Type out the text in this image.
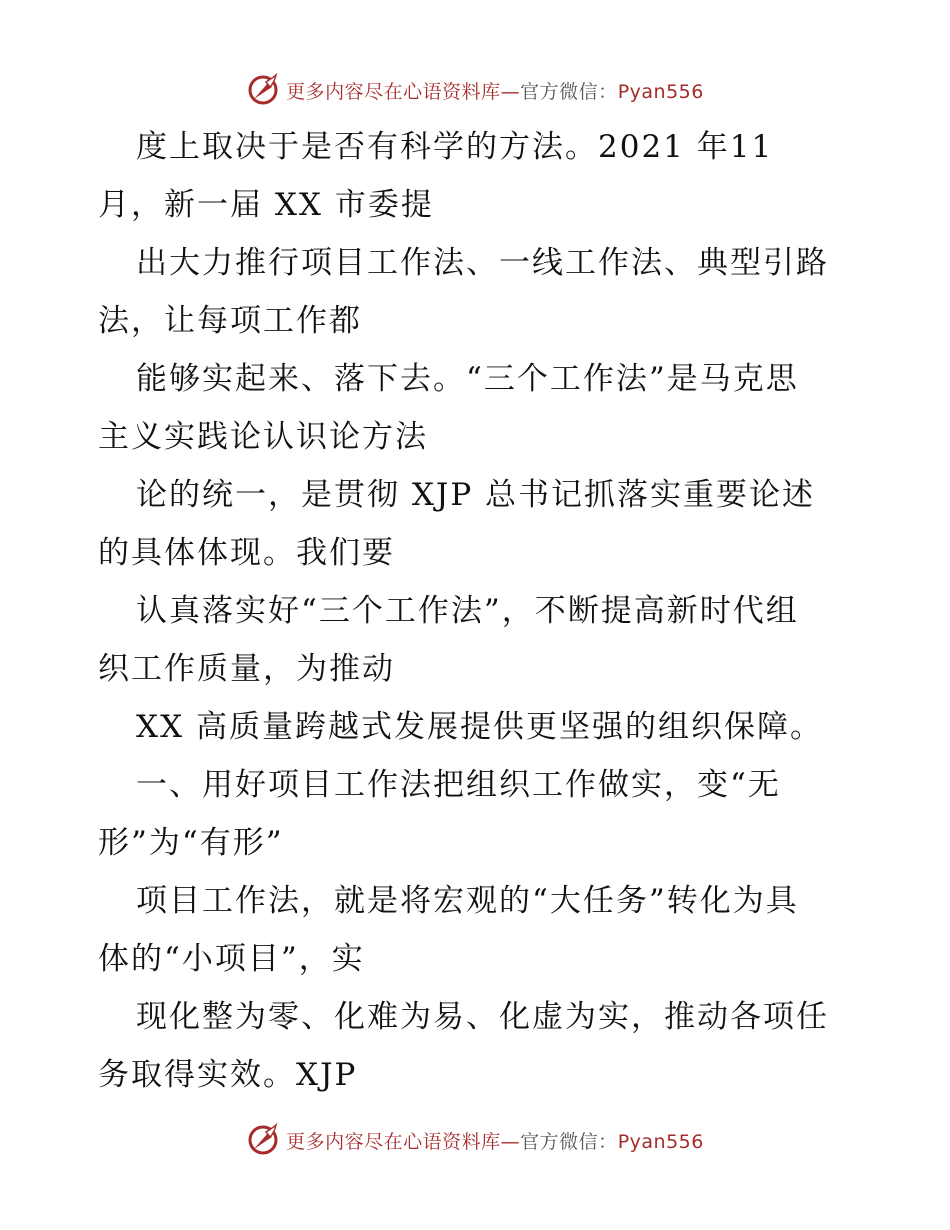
更多内容尽在心语资料库—官方微信：Pyan556

度上取决于是否有科学的方法。2021 年11

月，新一届 XX 市委提

出大力推行项目工作法、一线工作法、典型引路

法，让每项工作都

能够实起来、落下去。“三个工作法”是马克思

主义实践论认识论方法

论的统一，是贯彻 XJP 总书记抓落实重要论述

的具体体现。我们要

认真落实好“三个工作法”，不断提高新时代组

织工作质量，为推动

XX 高质量跨越式发展提供更坚强的组织保障。

一、用好项目工作法把组织工作做实，变“无

形”为“有形”

项目工作法，就是将宏观的“大任务”转化为具

体的“小项目”，实

现化整为零、化难为易、化虚为实，推动各项任

务取得实效。XJP

更多内容尽在心语资料库—官方微信：Pyan556
